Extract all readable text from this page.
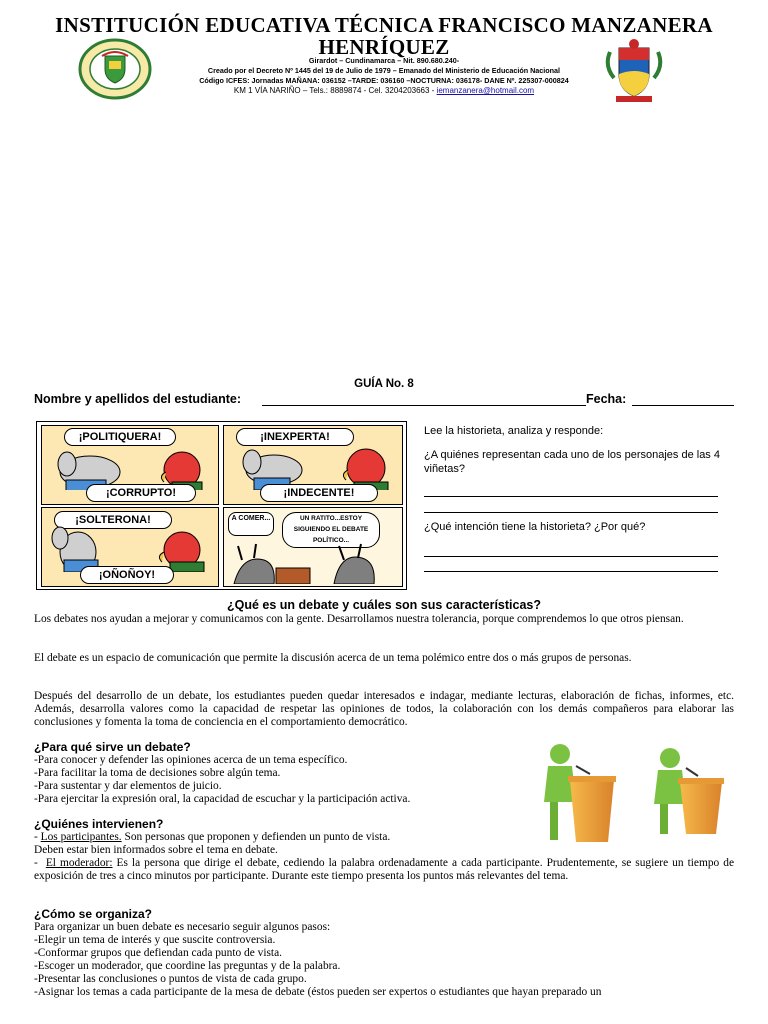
INSTITUCIÓN EDUCATIVA TÉCNICA FRANCISCO MANZANERA
HENRÍQUEZ
Girardot – Cundinamarca – Nit. 890.680.240-
Creado por el Decreto Nº 1445 del 19 de Julio de 1979 – Emanado del Ministerio de Educación Nacional
Código ICFES: Jornadas MAÑANA: 036152 –TARDE: 036160 –NOCTURNA: 036178- DANE Nº. 225307-000824
KM 1 VÍA NARIÑO – Tels.: 8889874 - Cel. 3204203663 - iemanzanera@hotmail.com
GUÍA No. 8
Nombre y apellidos del estudiante:	Fecha:
¡POLITIQUERA!
¡CORRUPTO!
¡INEXPERTA!
¡INDECENTE!
¡SOLTERONA!
¡OÑOÑOY!
A COMER...	UN RATITO...ESTOY SIGUIENDO EL DEBATE POLÍTICO...
Lee la historieta, analiza y responde:
¿A quiénes representan cada uno de los personajes de las 4 viñetas?
¿Qué intención tiene la historieta? ¿Por qué?
¿Qué es un debate y cuáles son sus características?
Los debates nos ayudan a mejorar y comunicamos con la gente. Desarrollamos nuestra tolerancia, porque comprendemos lo que otros piensan.
El debate es un espacio de comunicación que permite la discusión acerca de un tema polémico entre dos o más grupos de personas.
Después del desarrollo de un debate, los estudiantes pueden quedar interesados e indagar, mediante lecturas, elaboración de fichas, informes, etc. Además, desarrolla valores como la capacidad de respetar las opiniones de todos, la colaboración con los demás compañeros para elaborar las conclusiones y fomenta la toma de conciencia en el comportamiento democrático.
¿Para qué sirve un debate?
-Para conocer y defender las opiniones acerca de un tema específico.
-Para facilitar la toma de decisiones sobre algún tema.
-Para sustentar y dar elementos de juicio.
-Para ejercitar la expresión oral, la capacidad de escuchar y la participación activa.
¿Quiénes intervienen?
- Los participantes. Son personas que proponen y defienden un punto de vista.
Deben estar bien informados sobre el tema en debate.
-  El moderador: Es la persona que dirige el debate, cediendo la palabra ordenadamente a cada participante. Prudentemente, se sugiere un tiempo de exposición de tres a cinco minutos por participante. Durante este tiempo presenta los puntos más relevantes del tema.
¿Cómo se organiza?
Para organizar un buen debate es necesario seguir algunos pasos:
-Elegir un tema de interés y que suscite controversia.
-Conformar grupos que defiendan cada punto de vista.
-Escoger un moderador, que coordine las preguntas y de la palabra.
-Presentar las conclusiones o puntos de vista de cada grupo.
-Asignar los temas a cada participante de la mesa de debate (éstos pueden ser expertos o estudiantes que hayan preparado un
